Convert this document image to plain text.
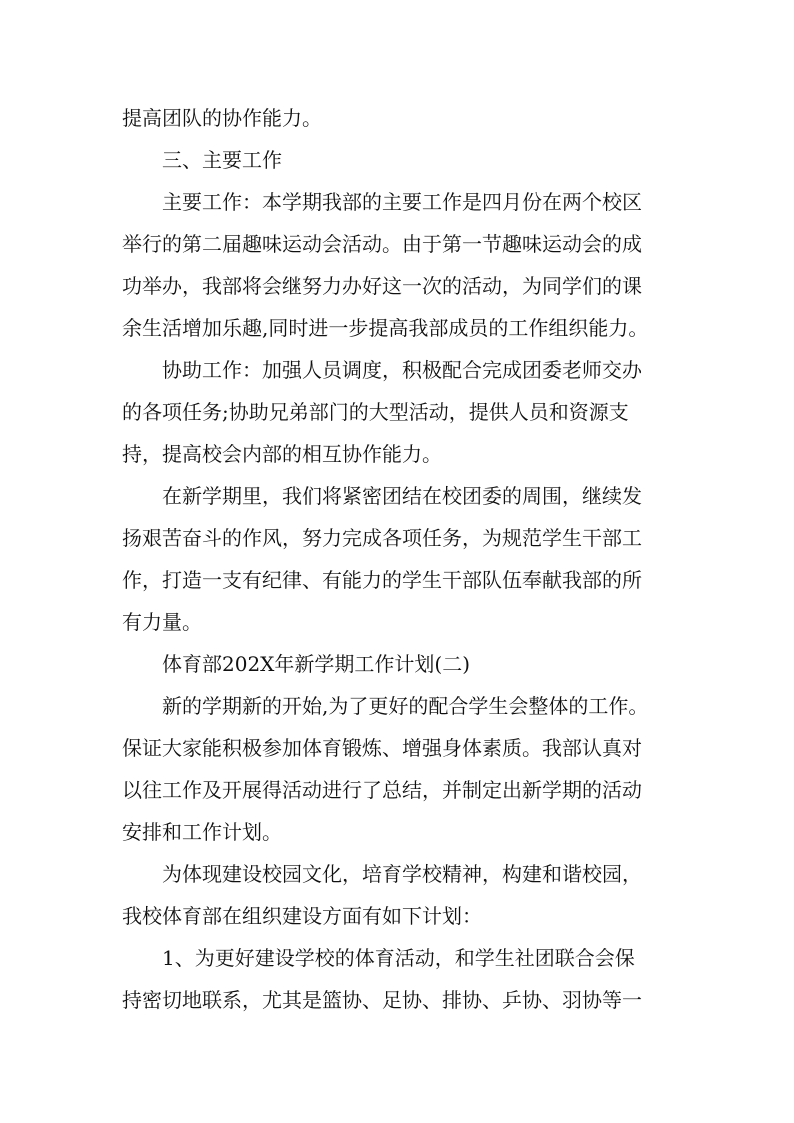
提高团队的协作能力。
三、主要工作
主要工作：本学期我部的主要工作是四月份在两个校区
举行的第二届趣味运动会活动。由于第一节趣味运动会的成
功举办，我部将会继努力办好这一次的活动，为同学们的课
余生活增加乐趣,同时进一步提高我部成员的工作组织能力。
协助工作：加强人员调度，积极配合完成团委老师交办
的各项任务;协助兄弟部门的大型活动，提供人员和资源支
持，提高校会内部的相互协作能力。
在新学期里，我们将紧密团结在校团委的周围，继续发
扬艰苦奋斗的作风，努力完成各项任务，为规范学生干部工
作，打造一支有纪律、有能力的学生干部队伍奉献我部的所
有力量。
体育部202X年新学期工作计划(二)
新的学期新的开始,为了更好的配合学生会整体的工作。
保证大家能积极参加体育锻炼、增强身体素质。我部认真对
以往工作及开展得活动进行了总结，并制定出新学期的活动
安排和工作计划。
为体现建设校园文化，培育学校精神，构建和谐校园，
我校体育部在组织建设方面有如下计划：
1、为更好建设学校的体育活动，和学生社团联合会保
持密切地联系，尤其是篮协、足协、排协、乒协、羽协等一
